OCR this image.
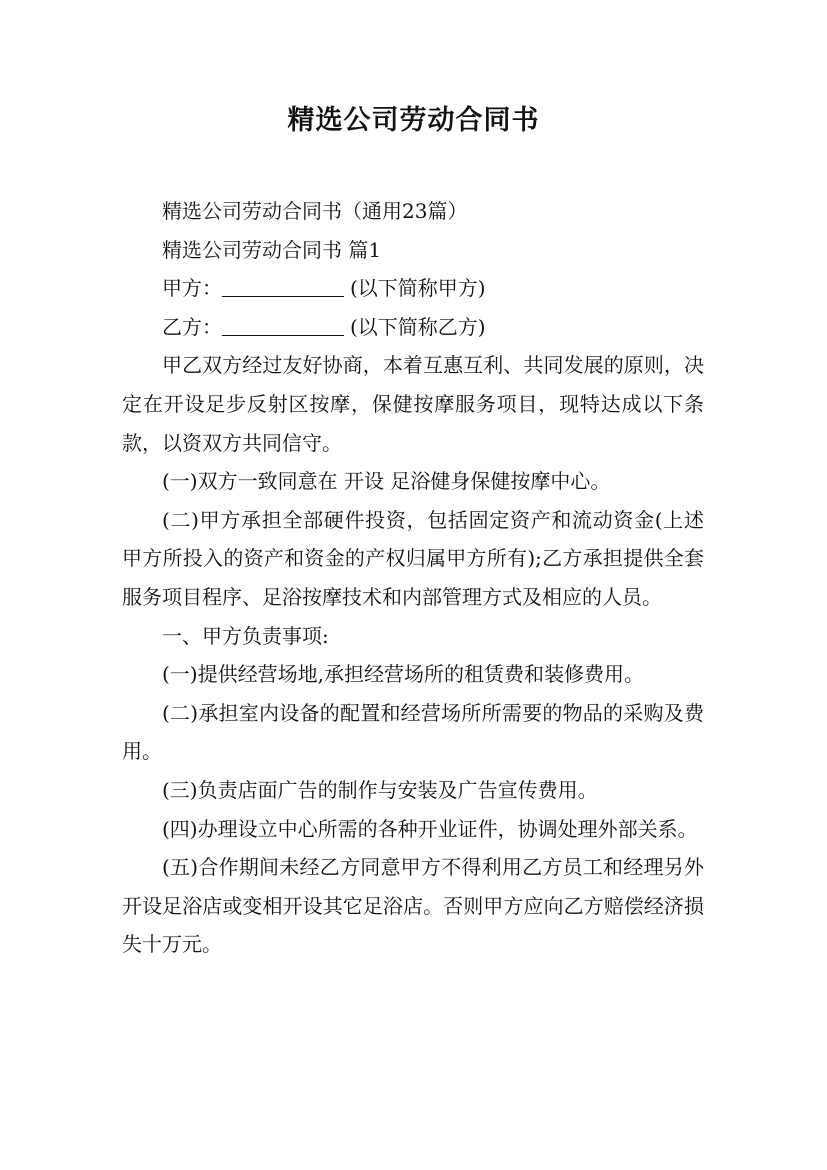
精选公司劳动合同书

精选公司劳动合同书（通用23篇）

精选公司劳动合同书 篇1

甲方：	(以下简称甲方)

乙方：	(以下简称乙方)

甲乙双方经过友好协商，本着互惠互利、共同发展的原则，决定在开设足步反射区按摩，保健按摩服务项目，现特达成以下条款，以资双方共同信守。

(一)双方一致同意在 开设 足浴健身保健按摩中心。

(二)甲方承担全部硬件投资，包括固定资产和流动资金(上述甲方所投入的资产和资金的产权归属甲方所有);乙方承担提供全套服务项目程序、足浴按摩技术和内部管理方式及相应的人员。

一、甲方负责事项:

(一)提供经营场地,承担经营场所的租赁费和装修费用。

(二)承担室内设备的配置和经营场所所需要的物品的采购及费用。

(三)负责店面广告的制作与安装及广告宣传费用。

(四)办理设立中心所需的各种开业证件，协调处理外部关系。

(五)合作期间未经乙方同意甲方不得利用乙方员工和经理另外开设足浴店或变相开设其它足浴店。否则甲方应向乙方赔偿经济损失十万元。
